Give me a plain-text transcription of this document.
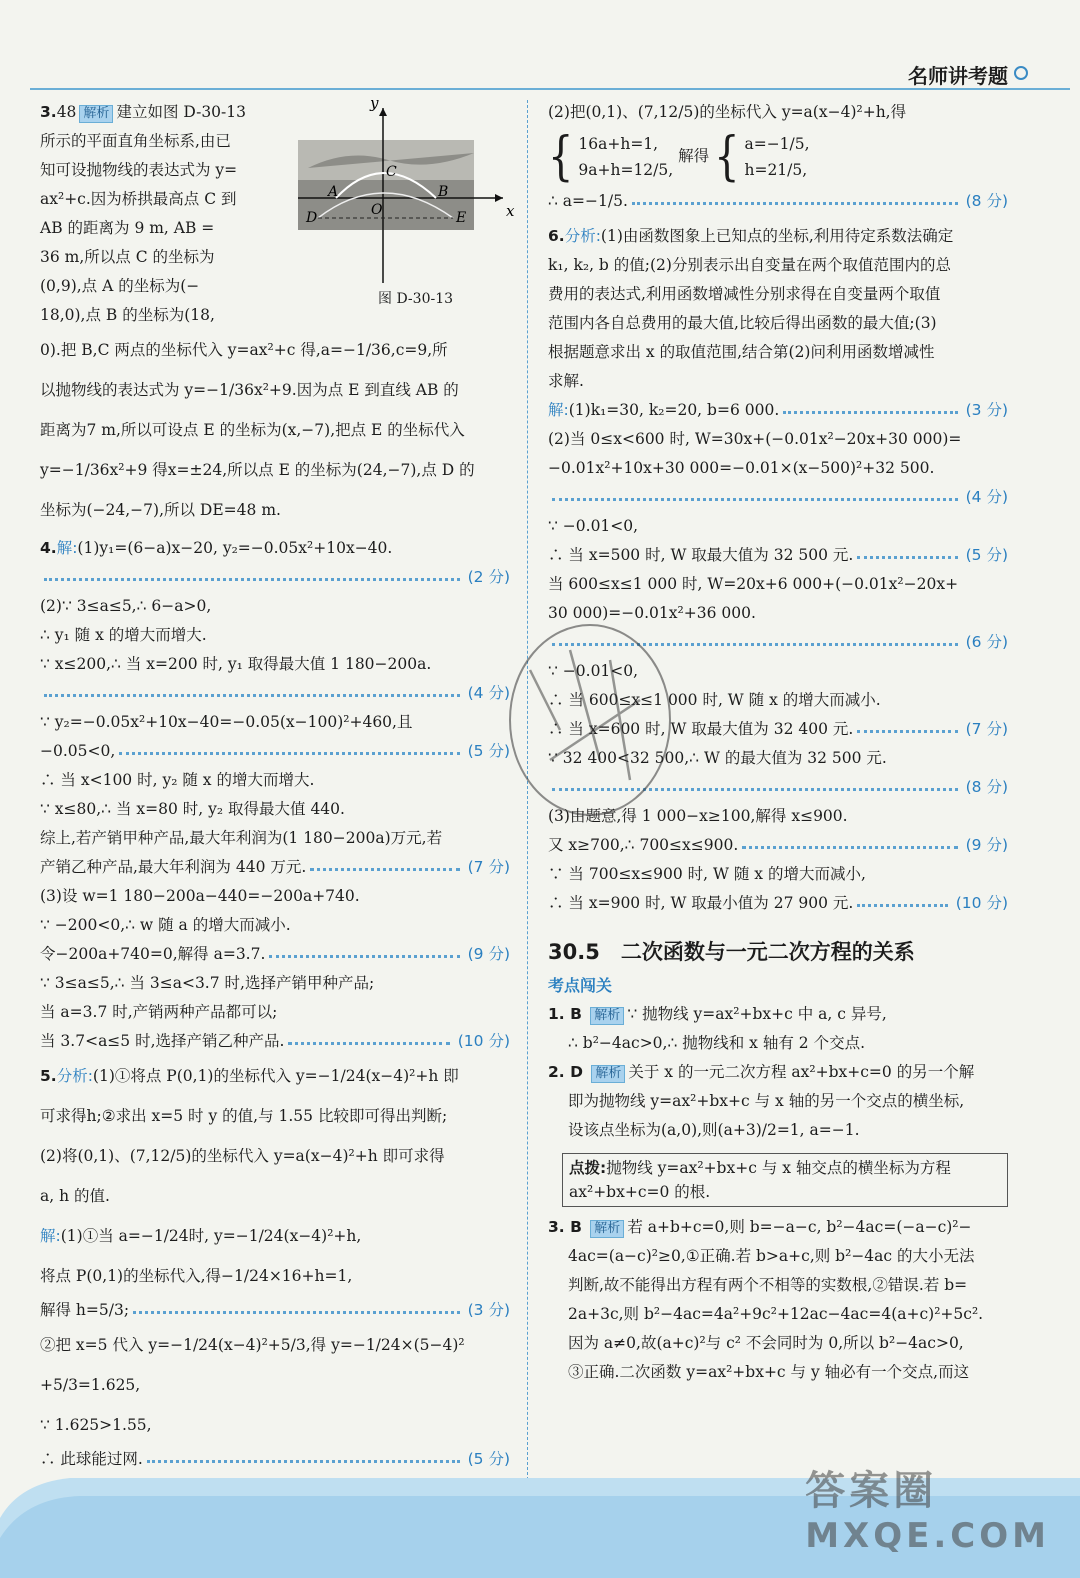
名师讲考题
y
x
A	B
C
D	E
O
图 D-30-13
3.48 解析 建立如图 D-30-13
所示的平面直角坐标系,由已
知可设抛物线的表达式为 y=
ax²+c.因为桥拱最高点 C 到
AB 的距离为 9 m, AB =
36 m,所以点 C 的坐标为
(0,9),点 A 的坐标为(−
18,0),点 B 的坐标为(18,
0).把 B,C 两点的坐标代入 y=ax²+c 得,a=−1/36,c=9,所
以抛物线的表达式为 y=−1/36x²+9.因为点 E 到直线 AB 的
距离为7 m,所以可设点 E 的坐标为(x,−7),把点 E 的坐标代入
y=−1/36x²+9 得x=±24,所以点 E 的坐标为(24,−7),点 D 的
坐标为(−24,−7),所以 DE=48 m.
4.解:(1)y₁=(6−a)x−20, y₂=−0.05x²+10x−40.
(2 分)
(2)∵ 3≤a≤5,∴ 6−a>0,
∴ y₁ 随 x 的增大而增大.
∵ x≤200,∴ 当 x=200 时, y₁ 取得最大值 1 180−200a.
(4 分)
∵ y₂=−0.05x²+10x−40=−0.05(x−100)²+460,且
−0.05<0,	(5 分)
∴ 当 x<100 时, y₂ 随 x 的增大而增大.
∵ x≤80,∴ 当 x=80 时, y₂ 取得最大值 440.
综上,若产销甲种产品,最大年利润为(1 180−200a)万元,若
产销乙种产品,最大年利润为 440 万元.	(7 分)
(3)设 w=1 180−200a−440=−200a+740.
∵ −200<0,∴ w 随 a 的增大而减小.
令−200a+740=0,解得 a=3.7.	(9 分)
∵ 3≤a≤5,∴ 当 3≤a<3.7 时,选择产销甲种产品;
当 a=3.7 时,产销两种产品都可以;
当 3.7<a≤5 时,选择产销乙种产品.	(10 分)
5.分析:(1)①将点 P(0,1)的坐标代入 y=−1/24(x−4)²+h 即
可求得h;②求出 x=5 时 y 的值,与 1.55 比较即可得出判断;
(2)将(0,1)、(7,12/5)的坐标代入 y=a(x−4)²+h 即可求得
a, h 的值.
解:(1)①当 a=−1/24时, y=−1/24(x−4)²+h,
将点 P(0,1)的坐标代入,得−1/24×16+h=1,
解得 h=5/3;	(3 分)
②把 x=5 代入 y=−1/24(x−4)²+5/3,得 y=−1/24×(5−4)²
+5/3=1.625,
∵ 1.625>1.55,
∴ 此球能过网.	(5 分)
(2)把(0,1)、(7,12/5)的坐标代入 y=a(x−4)²+h,得
{ 16a+h=1,
9a+h=12/5,
解得 { a=−1/5,
h=21/5,
∴ a=−1/5.	(8 分)
6.分析:(1)由函数图象上已知点的坐标,利用待定系数法确定
k₁, k₂, b 的值;(2)分别表示出自变量在两个取值范围内的总
费用的表达式,利用函数增减性分别求得在自变量两个取值
范围内各自总费用的最大值,比较后得出函数的最大值;(3)
根据题意求出 x 的取值范围,结合第(2)问利用函数增减性
求解.
解: (1)k₁=30, k₂=20, b=6 000.	(3 分)
(2)当 0≤x<600 时, W=30x+(−0.01x²−20x+30 000)=
−0.01x²+10x+30 000=−0.01×(x−500)²+32 500.
(4 分)
∵ −0.01<0,
∴ 当 x=500 时, W 取最大值为 32 500 元.	(5 分)
当 600≤x≤1 000 时, W=20x+6 000+(−0.01x²−20x+
30 000)=−0.01x²+36 000.
(6 分)
∵ −0.01<0,
∴ 当 600≤x≤1 000 时, W 随 x 的增大而减小.
∴ 当 x=600 时, W 取最大值为 32 400 元.	(7 分)
∵ 32 400<32 500,∴ W 的最大值为 32 500 元.
(8 分)
(3)由题意,得 1 000−x≥100,解得 x≤900.
又 x≥700,∴ 700≤x≤900.	(9 分)
∵ 当 700≤x≤900 时, W 随 x 的增大而减小,
∴ 当 x=900 时, W 取最小值为 27 900 元.	(10 分)
30.5　二次函数与一元二次方程的关系
考点闯关
1. B 解析 ∵ 抛物线 y=ax²+bx+c 中 a, c 异号,
∴ b²−4ac>0,∴ 抛物线和 x 轴有 2 个交点.
2. D 解析 关于 x 的一元二次方程 ax²+bx+c=0 的另一个解
即为抛物线 y=ax²+bx+c 与 x 轴的另一个交点的横坐标,
设该点坐标为(a,0),则(a+3)/2=1, a=−1.
点拨:抛物线 y=ax²+bx+c 与 x 轴交点的横坐标为方程
ax²+bx+c=0 的根.
3. B 解析 若 a+b+c=0,则 b=−a−c, b²−4ac=(−a−c)²−
4ac=(a−c)²≥0,①正确.若 b>a+c,则 b²−4ac 的大小无法
判断,故不能得出方程有两个不相等的实数根,②错误.若 b=
2a+3c,则 b²−4ac=4a²+9c²+12ac−4ac=4(a+c)²+5c².
因为 a≠0,故(a+c)²与 c² 不会同时为 0,所以 b²−4ac>0,
③正确.二次函数 y=ax²+bx+c 与 y 轴必有一个交点,而这
答案圈
MXQE.COM
